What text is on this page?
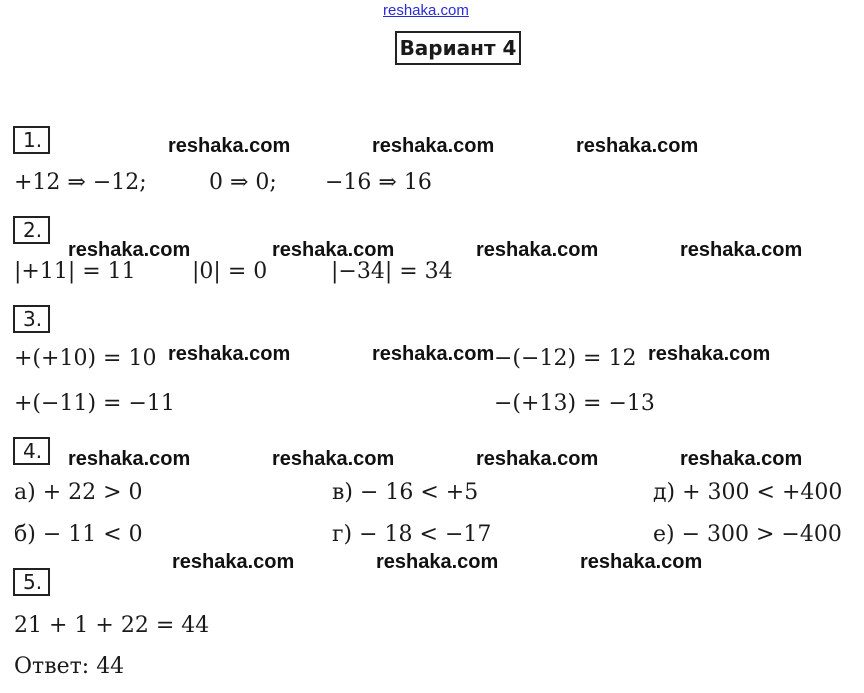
reshaka.com
Вариант 4
1.	reshaka.com	reshaka.com	reshaka.com
+12 ⇒ −12;	0 ⇒ 0; −16 ⇒ 16
2.
reshaka.com	reshaka.com	reshaka.com	reshaka.com
|+11| = 11	|0| = 0	|−34| = 34
3.
+(+10) = 10	−(−12) = 12
reshaka.com	reshaka.com	reshaka.com
+(−11) = −11	−(+13) = −13
4.	reshaka.com	reshaka.com	reshaka.com	reshaka.com
а) + 22 > 0	в) − 16 < +5	д) + 300 < +400
б) − 11 < 0	г) − 18 < −17	е) − 300 > −400
5.
reshaka.com	reshaka.com	reshaka.com
21 + 1 + 22 = 44
Ответ: 44
